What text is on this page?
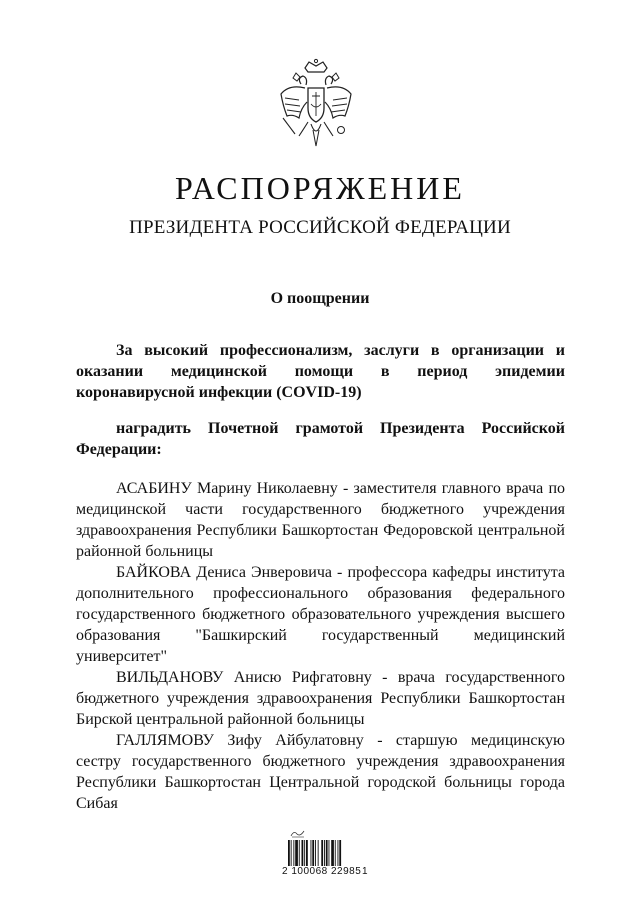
РАСПОРЯЖЕНИЕ
ПРЕЗИДЕНТА РОССИЙСКОЙ ФЕДЕРАЦИИ
О поощрении

За высокий профессионализм, заслуги в организации и оказании медицинской помощи в период эпидемии коронавирусной инфекции (COVID-19)

наградить Почетной грамотой Президента Российской Федерации:

АСАБИНУ Марину Николаевну - заместителя главного врача по медицинской части государственного бюджетного учреждения здравоохранения Республики Башкортостан Федоровской центральной районной больницы

БАЙКОВА Дениса Энверовича - профессора кафедры института дополнительного профессионального образования федерального государственного бюджетного образовательного учреждения высшего образования "Башкирский государственный медицинский университет"

ВИЛЬДАНОВУ Анисю Рифгатовну - врача государственного бюджетного учреждения здравоохранения Республики Башкортостан Бирской центральной районной больницы

ГАЛЛЯМОВУ Зифу Айбулатовну - старшую медицинскую сестру государственного бюджетного учреждения здравоохранения Республики Башкортостан Центральной городской больницы города Сибая

2 100068 22985 1
